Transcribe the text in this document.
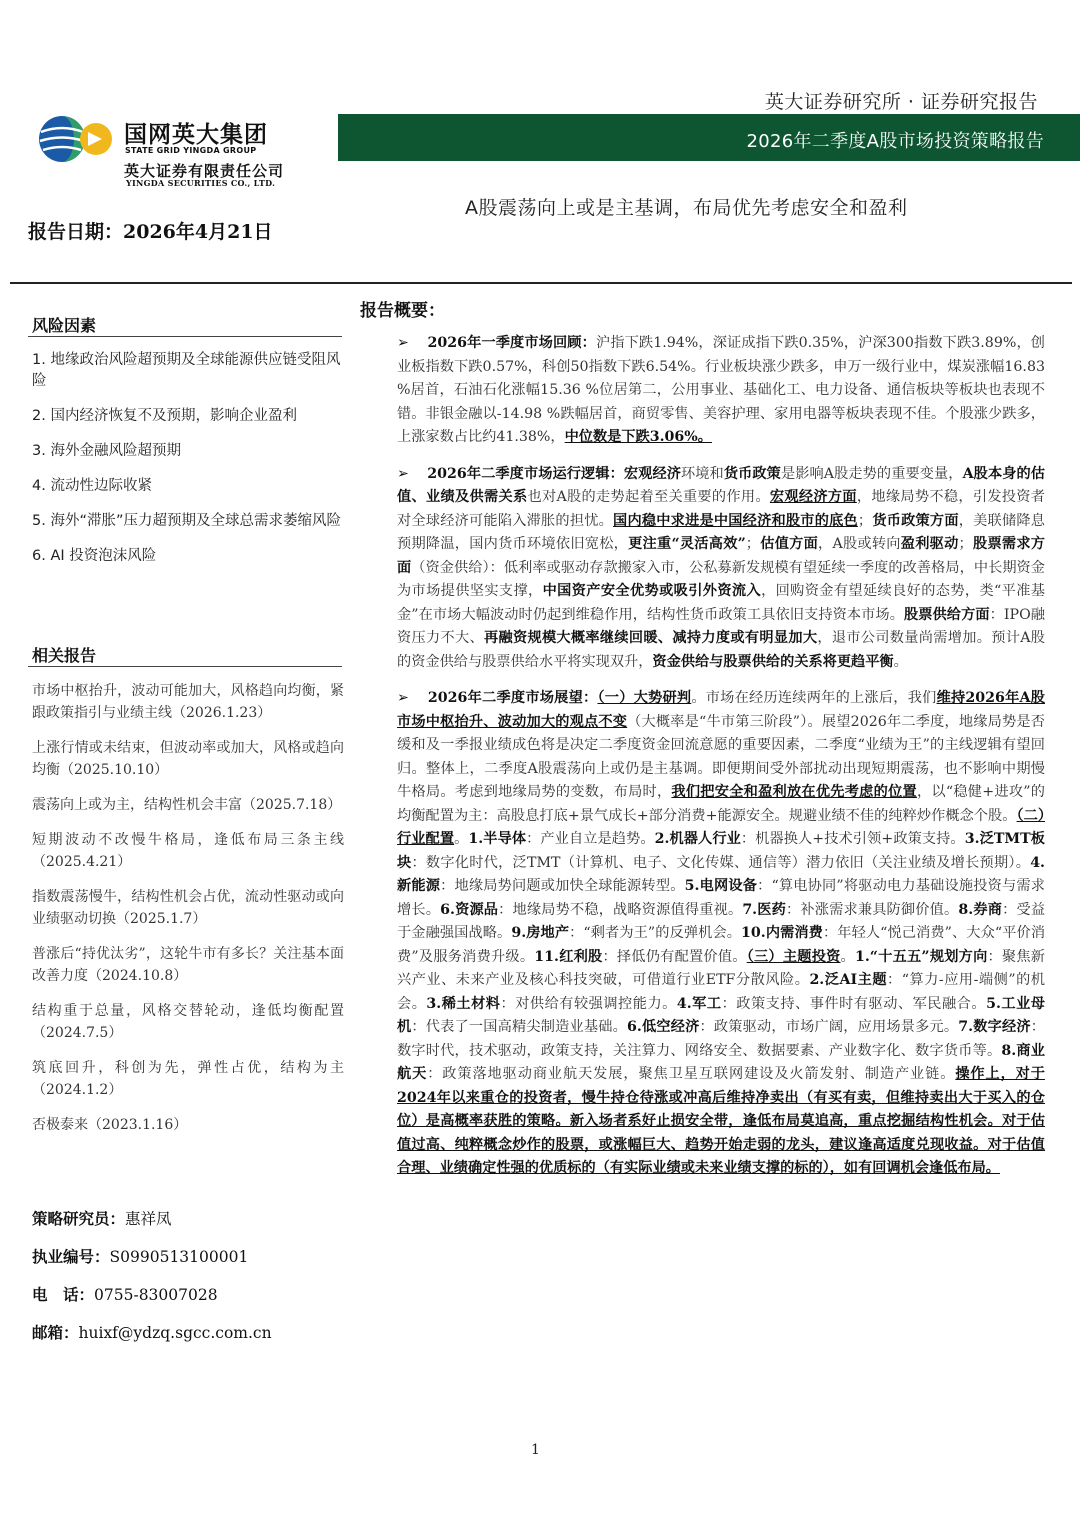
国网英大集团
STATE GRID YINGDA GROUP
英大证券有限责任公司
YINGDA SECURITIES CO., LTD.
英大证券研究所 · 证券研究报告
2026年二季度A股市场投资策略报告
A股震荡向上或是主基调，布局优先考虑安全和盈利
报告日期：2026年4月21日
风险因素
1. 地缘政治风险超预期及全球能源供应链受阻风险
2. 国内经济恢复不及预期，影响企业盈利
3. 海外金融风险超预期
4. 流动性边际收紧
5. 海外“滞胀”压力超预期及全球总需求萎缩风险
6. AI 投资泡沫风险
相关报告
市场中枢抬升，波动可能加大，风格趋向均衡，紧跟政策指引与业绩主线（2026.1.23）
上涨行情或未结束，但波动率或加大，风格或趋向均衡（2025.10.10）
震荡向上或为主，结构性机会丰富（2025.7.18）
短期波动不改慢牛格局，逢低布局三条主线（2025.4.21）
指数震荡慢牛，结构性机会占优，流动性驱动或向业绩驱动切换（2025.1.7）
普涨后“持优汰劣”，这轮牛市有多长？关注基本面改善力度（2024.10.8）
结构重于总量，风格交替轮动，逢低均衡配置（2024.7.5）
筑底回升，科创为先，弹性占优，结构为主（2024.1.2）
否极泰来（2023.1.16）
策略研究员：惠祥凤
执业编号：S0990513100001
电　话：0755-83007028
邮箱：huixf@ydzq.sgcc.com.cn
报告概要：

➢ 2026年一季度市场回顾：沪指下跌1.94%，深证成指下跌0.35%，沪深300指数下跌3.89%，创业板指数下跌0.57%，科创50指数下跌6.54%。行业板块涨少跌多，申万一级行业中，煤炭涨幅16.83 %居首，石油石化涨幅15.36 %位居第二，公用事业、基础化工、电力设备、通信板块等板块也表现不错。非银金融以-14.98 %跌幅居首，商贸零售、美容护理、家用电器等板块表现不佳。个股涨少跌多，上涨家数占比约41.38%，中位数是下跌3.06%。

➢ 2026年二季度市场运行逻辑：宏观经济环境和货币政策是影响A股走势的重要变量，A股本身的估值、业绩及供需关系也对A股的走势起着至关重要的作用。宏观经济方面，地缘局势不稳，引发投资者对全球经济可能陷入滞胀的担忧。国内稳中求进是中国经济和股市的底色；货币政策方面，美联储降息预期降温，国内货币环境依旧宽松，更注重“灵活高效”；估值方面，A股或转向盈利驱动；股票需求方面（资金供给）：低利率或驱动存款搬家入市，公私募新发规模有望延续一季度的改善格局，中长期资金为市场提供坚实支撑，中国资产安全优势或吸引外资流入，回购资金有望延续良好的态势，类“平准基金”在市场大幅波动时仍起到维稳作用，结构性货币政策工具依旧支持资本市场。股票供给方面：IPO融资压力不大、再融资规模大概率继续回暖、减持力度或有明显加大，退市公司数量尚需增加。预计A股的资金供给与股票供给水平将实现双升，资金供给与股票供给的关系将更趋平衡。

➢ 2026年二季度市场展望：（一）大势研判。市场在经历连续两年的上涨后，我们维持2026年A股市场中枢抬升、波动加大的观点不变（大概率是“牛市第三阶段”）。展望2026年二季度，地缘局势是否缓和及一季报业绩成色将是决定二季度资金回流意愿的重要因素，二季度“业绩为王”的主线逻辑有望回归。整体上，二季度A股震荡向上或仍是主基调。即便期间受外部扰动出现短期震荡，也不影响中期慢牛格局。考虑到地缘局势的变数，布局时，我们把安全和盈利放在优先考虑的位置，以“稳健+进攻”的均衡配置为主：高股息打底+景气成长+部分消费+能源安全。规避业绩不佳的纯粹炒作概念个股。（二）行业配置。1.半导体：产业自立是趋势。2.机器人行业：机器换人+技术引领+政策支持。3.泛TMT板块：数字化时代，泛TMT（计算机、电子、文化传媒、通信等）潜力依旧（关注业绩及增长预期）。4.新能源：地缘局势问题或加快全球能源转型。5.电网设备：“算电协同”将驱动电力基础设施投资与需求增长。6.资源品：地缘局势不稳，战略资源值得重视。7.医药：补涨需求兼具防御价值。8.券商：受益于金融强国战略。9.房地产：“剩者为王”的反弹机会。10.内需消费：年轻人“悦己消费”、大众“平价消费”及服务消费升级。11.红利股：择低仍有配置价值。（三）主题投资。1.“十五五”规划方向：聚焦新兴产业、未来产业及核心科技突破，可借道行业ETF分散风险。2.泛AI主题：“算力-应用-端侧”的机会。3.稀土材料：对供给有较强调控能力。4.军工：政策支持、事件时有驱动、军民融合。5.工业母机：代表了一国高精尖制造业基础。6.低空经济：政策驱动，市场广阔，应用场景多元。7.数字经济：数字时代，技术驱动，政策支持，关注算力、网络安全、数据要素、产业数字化、数字货币等。8.商业航天：政策落地驱动商业航天发展，聚焦卫星互联网建设及火箭发射、制造产业链。操作上，对于2024年以来重仓的投资者，慢牛持仓待涨或冲高后维持净卖出（有买有卖，但维持卖出大于买入的仓位）是高概率获胜的策略。新入场者系好止损安全带，逢低布局莫追高，重点挖掘结构性机会。对于估值过高、纯粹概念炒作的股票，或涨幅巨大、趋势开始走弱的龙头，建议逢高适度兑现收益。对于估值合理、业绩确定性强的优质标的（有实际业绩或未来业绩支撑的标的），如有回调机会逢低布局。

1
